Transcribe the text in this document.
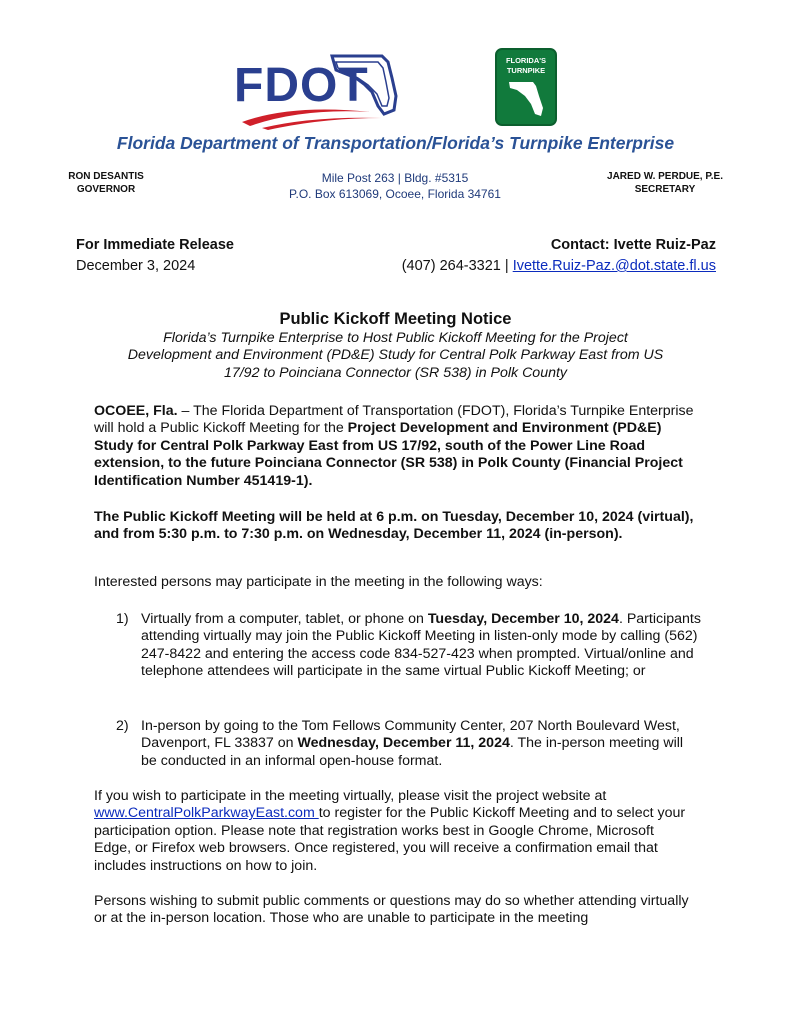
FDOT	FLORIDA'S
TURNPIKE
Florida Department of Transportation/Florida’s Turnpike Enterprise
RON DESANTIS
GOVERNOR
Mile Post 263 | Bldg. #5315
P.O. Box 613069, Ocoee, Florida 34761
JARED W. PERDUE, P.E.
SECRETARY
For Immediate Release
December 3, 2024
Contact: Ivette Ruiz-Paz
(407) 264-3321 | Ivette.Ruiz-Paz.@dot.state.fl.us
Public Kickoff Meeting Notice
Florida’s Turnpike Enterprise to Host Public Kickoff Meeting for the Project
Development and Environment (PD&E) Study for Central Polk Parkway East from US
17/92 to Poinciana Connector (SR 538) in Polk County
OCOEE, Fla. – The Florida Department of Transportation (FDOT), Florida’s Turnpike Enterprise will hold a Public Kickoff Meeting for the Project Development and Environment (PD&E) Study for Central Polk Parkway East from US 17/92, south of the Power Line Road extension, to the future Poinciana Connector (SR 538) in Polk County (Financial Project Identification Number 451419-1).
The Public Kickoff Meeting will be held at 6 p.m. on Tuesday, December 10, 2024 (virtual), and from 5:30 p.m. to 7:30 p.m. on Wednesday, December 11, 2024 (in-person).
Interested persons may participate in the meeting in the following ways:
1) Virtually from a computer, tablet, or phone on Tuesday, December 10, 2024. Participants attending virtually may join the Public Kickoff Meeting in listen-only mode by calling (562) 247-8422 and entering the access code 834-527-423 when prompted. Virtual/online and telephone attendees will participate in the same virtual Public Kickoff Meeting; or
2) In-person by going to the Tom Fellows Community Center, 207 North Boulevard West, Davenport, FL 33837 on Wednesday, December 11, 2024. The in-person meeting will be conducted in an informal open-house format.
If you wish to participate in the meeting virtually, please visit the project website at www.CentralPolkParkwayEast.com to register for the Public Kickoff Meeting and to select your participation option. Please note that registration works best in Google Chrome, Microsoft Edge, or Firefox web browsers. Once registered, you will receive a confirmation email that includes instructions on how to join.
Persons wishing to submit public comments or questions may do so whether attending virtually or at the in-person location. Those who are unable to participate in the meeting
